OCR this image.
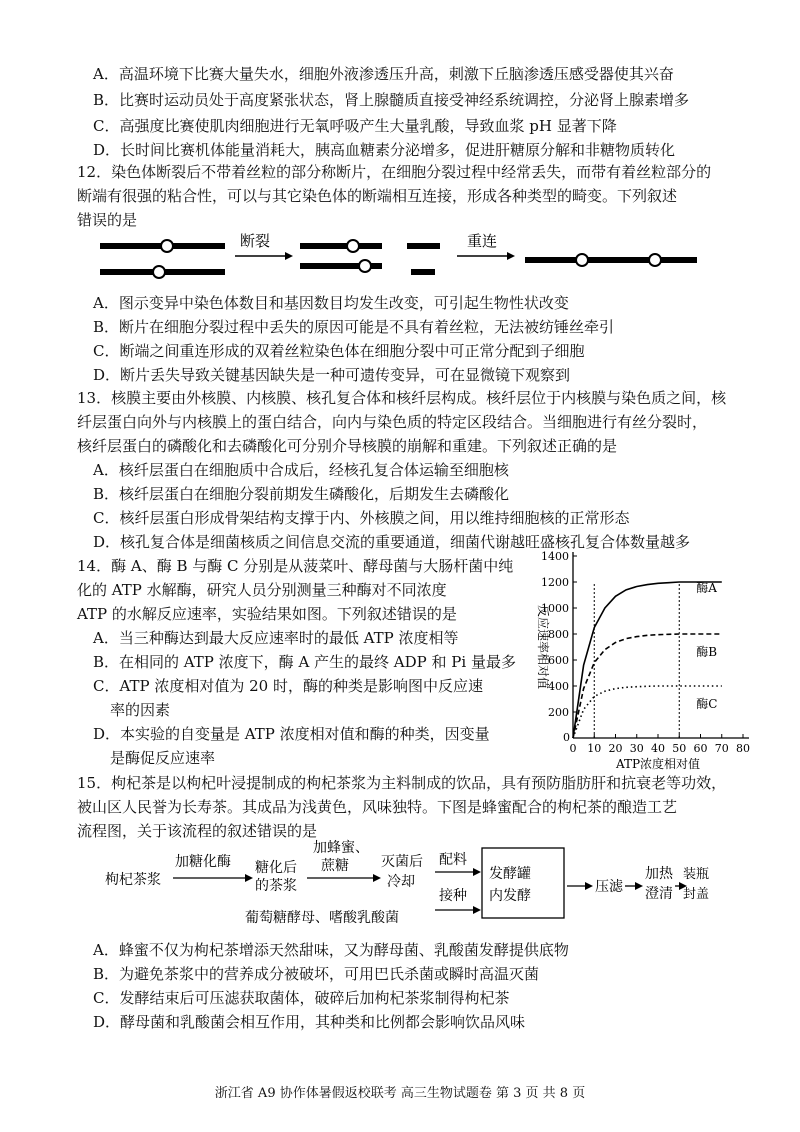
A．高温环境下比赛大量失水，细胞外液渗透压升高，刺激下丘脑渗透压感受器使其兴奋
B．比赛时运动员处于高度紧张状态，肾上腺髓质直接受神经系统调控，分泌肾上腺素增多
C．高强度比赛使肌肉细胞进行无氧呼吸产生大量乳酸，导致血浆 pH 显著下降
D．长时间比赛机体能量消耗大，胰高血糖素分泌增多，促进肝糖原分解和非糖物质转化
12．染色体断裂后不带着丝粒的部分称断片，在细胞分裂过程中经常丢失，而带有着丝粒部分的
断端有很强的粘合性，可以与其它染色体的断端相互连接，形成各种类型的畸变。下列叙述
错误的是
断裂	重连
A．图示变异中染色体数目和基因数目均发生改变，可引起生物性状改变
B．断片在细胞分裂过程中丢失的原因可能是不具有着丝粒，无法被纺锤丝牵引
C．断端之间重连形成的双着丝粒染色体在细胞分裂中可正常分配到子细胞
D．断片丢失导致关键基因缺失是一种可遗传变异，可在显微镜下观察到
13．核膜主要由外核膜、内核膜、核孔复合体和核纤层构成。核纤层位于内核膜与染色质之间，核
纤层蛋白向外与内核膜上的蛋白结合，向内与染色质的特定区段结合。当细胞进行有丝分裂时，
核纤层蛋白的磷酸化和去磷酸化可分别介导核膜的崩解和重建。下列叙述正确的是
A．核纤层蛋白在细胞质中合成后，经核孔复合体运输至细胞核
B．核纤层蛋白在细胞分裂前期发生磷酸化，后期发生去磷酸化
C．核纤层蛋白形成骨架结构支撑于内、外核膜之间，用以维持细胞核的正常形态
D．核孔复合体是细菌核质之间信息交流的重要通道，细菌代谢越旺盛核孔复合体数量越多
14．酶 A、酶 B 与酶 C 分别是从菠菜叶、酵母菌与大肠杆菌中纯
化的 ATP 水解酶，研究人员分别测量三种酶对不同浓度
ATP 的水解反应速率，实验结果如图。下列叙述错误的是
A．当三种酶达到最大反应速率时的最低 ATP 浓度相等
B．在相同的 ATP 浓度下，酶 A 产生的最终 ADP 和 Pi 量最多
C．ATP 浓度相对值为 20 时，酶的种类是影响图中反应速
率的因素
D．本实验的自变量是 ATP 浓度相对值和酶的种类，因变量
是酶促反应速率
0 10 20 30 40 50 60 70 80
0
200
400
600
800
1000
1200
1400
酶A
酶B
酶C
ATP浓度相对值
反应速率相对值
15．枸杞茶是以枸杞叶浸提制成的枸杞茶浆为主料制成的饮品，具有预防脂肪肝和抗衰老等功效，
被山区人民誉为长寿茶。其成品为浅黄色，风味独特。下图是蜂蜜配合的枸杞茶的酿造工艺
流程图，关于该流程的叙述错误的是
枸杞茶浆
加糖化酶 糖化后
的茶浆
加蜂蜜、
蔗糖 灭菌后
冷却
配料
发酵罐
内发酵
葡萄糖酵母、嗜酸乳酸菌
接种
压滤
加热
澄清
装瓶
封盖
A．蜂蜜不仅为枸杞茶增添天然甜味，又为酵母菌、乳酸菌发酵提供底物
B．为避免茶浆中的营养成分被破坏，可用巴氏杀菌或瞬时高温灭菌
C．发酵结束后可压滤获取菌体，破碎后加枸杞茶浆制得枸杞茶
D．酵母菌和乳酸菌会相互作用，其种类和比例都会影响饮品风味
浙江省 A9 协作体暑假返校联考 高三生物试题卷 第 3 页 共 8 页
